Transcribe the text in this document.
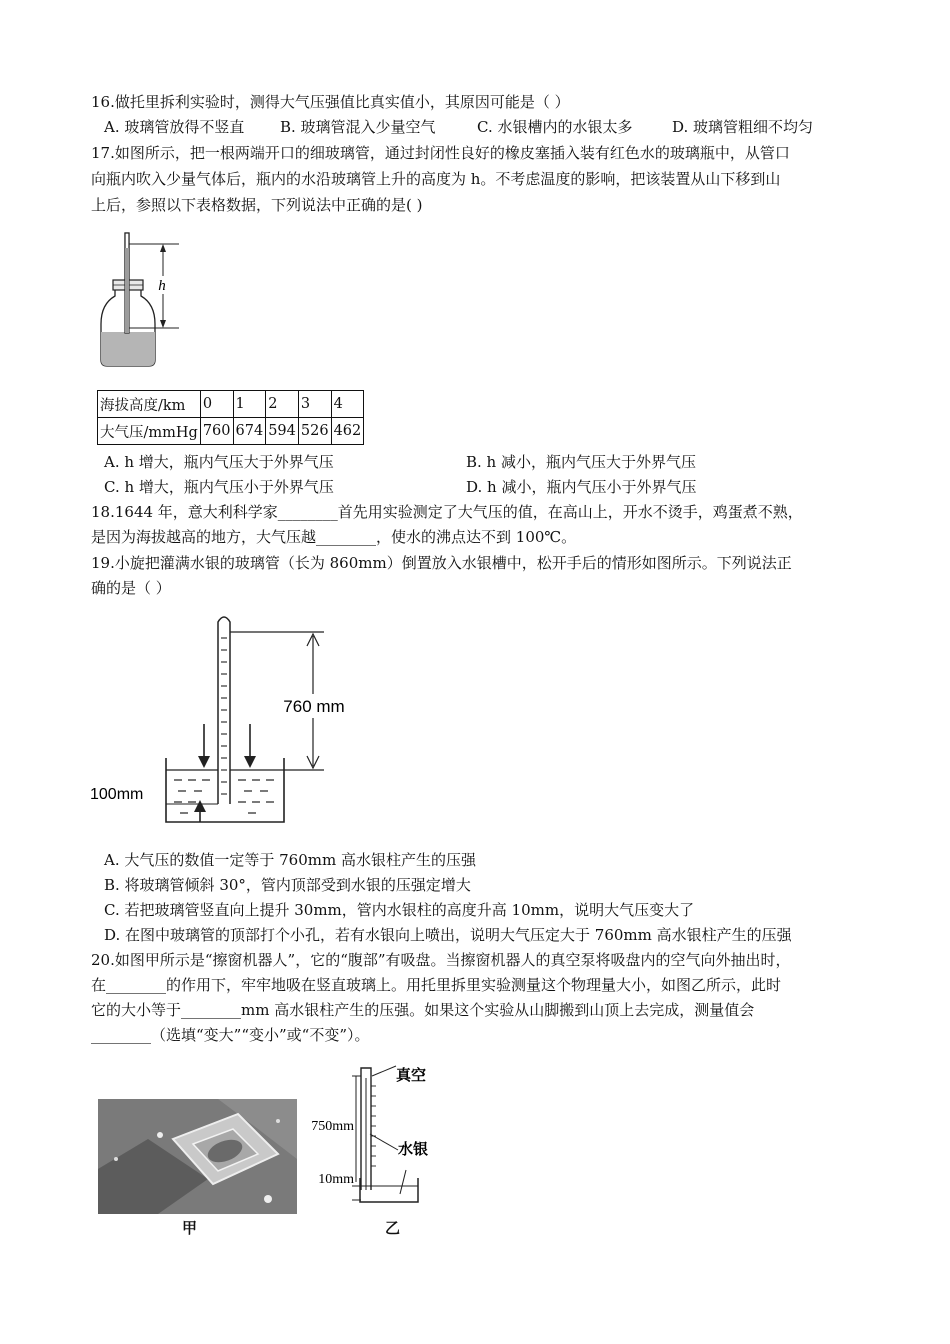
16.做托里拆利实验时，测得大气压强值比真实值小，其原因可能是（ ）
A. 玻璃管放得不竖直 B. 玻璃管混入少量空气	C. 水银槽内的水银太多	D. 玻璃管粗细不均匀
17.如图所示，把一根两端开口的细玻璃管，通过封闭性良好的橡皮塞插入装有红色水的玻璃瓶中，从管口
向瓶内吹入少量气体后，瓶内的水沿玻璃管上升的高度为 h。不考虑温度的影响，把该装置从山下移到山
上后，参照以下表格数据，下列说法中正确的是( )
h
海拔高度/km	0	1	2	3	4
大气压/mmHg	760	674	594	526	462
A. h 增大，瓶内气压大于外界气压	B. h 减小，瓶内气压大于外界气压
C. h 增大，瓶内气压小于外界气压	D. h 减小，瓶内气压小于外界气压
18.1644 年，意大利科学家________首先用实验测定了大气压的值，在高山上，开水不烫手，鸡蛋煮不熟，
是因为海拔越高的地方，大气压越________，使水的沸点达不到 100℃。
19.小旋把灌满水银的玻璃管（长为 860mm）倒置放入水银槽中，松开手后的情形如图所示。下列说法正
确的是（ ）
760 mm
100mm
A. 大气压的数值一定等于 760mm 高水银柱产生的压强
B. 将玻璃管倾斜 30°，管内顶部受到水银的压强定增大
C. 若把玻璃管竖直向上提升 30mm，管内水银柱的高度升高 10mm，说明大气压变大了
D. 在图中玻璃管的顶部打个小孔，若有水银向上喷出，说明大气压定大于 760mm 高水银柱产生的压强
20.如图甲所示是“擦窗机器人”，它的“腹部”有吸盘。当擦窗机器人的真空泵将吸盘内的空气向外抽出时，
在________的作用下，牢牢地吸在竖直玻璃上。用托里拆里实验测量这个物理量大小，如图乙所示，此时
它的大小等于________mm 高水银柱产生的压强。如果这个实验从山脚搬到山顶上去完成，测量值会
________（选填“变大”“变小”或“不变”）。
750mm
10mm
真空
水银
甲	乙
